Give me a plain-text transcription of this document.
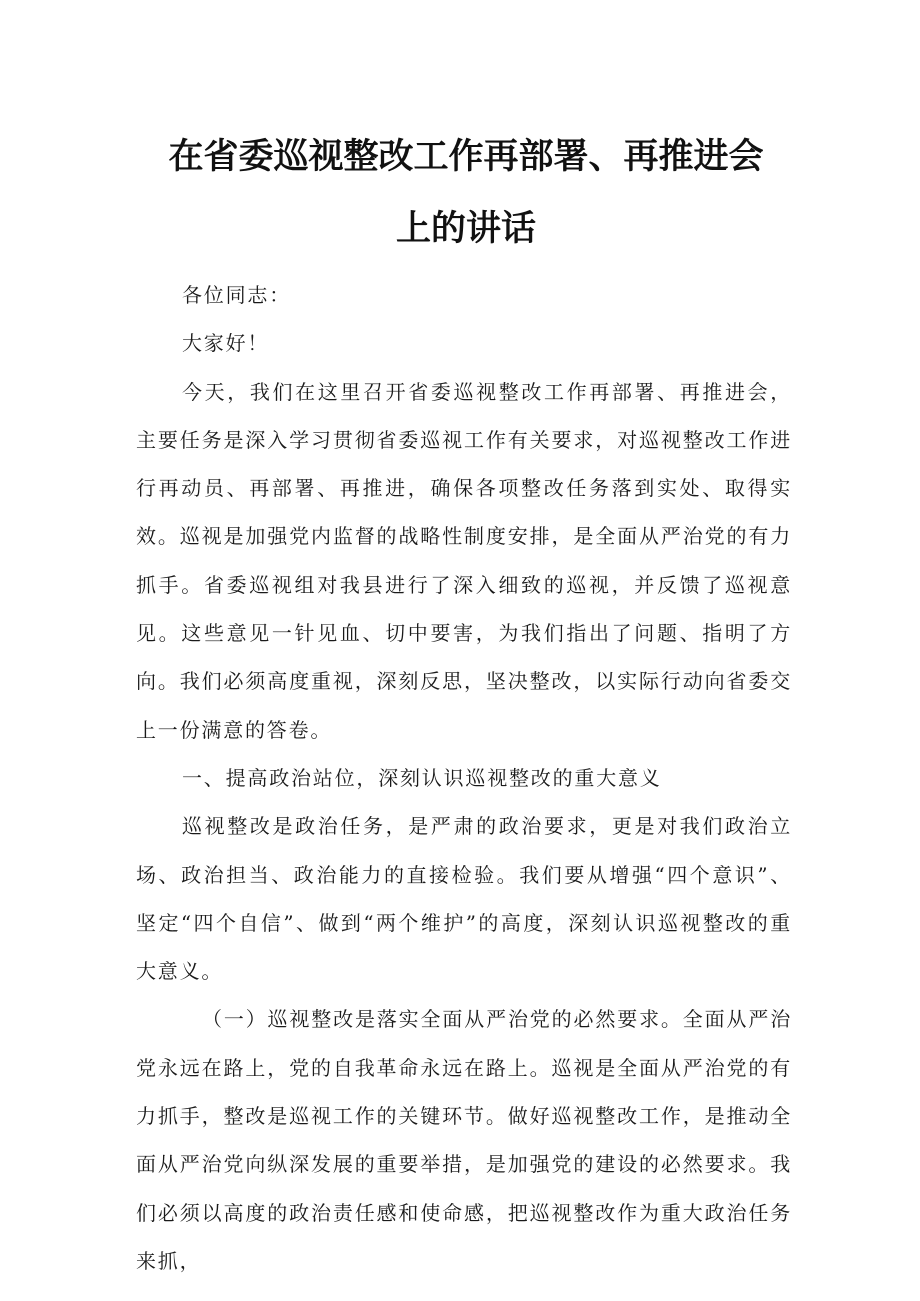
在省委巡视整改工作再部署、再推进会
上的讲话

各位同志：

大家好！

今天，我们在这里召开省委巡视整改工作再部署、再推进会，主要任务是深入学习贯彻省委巡视工作有关要求，对巡视整改工作进行再动员、再部署、再推进，确保各项整改任务落到实处、取得实效。巡视是加强党内监督的战略性制度安排，是全面从严治党的有力抓手。省委巡视组对我县进行了深入细致的巡视，并反馈了巡视意见。这些意见一针见血、切中要害，为我们指出了问题、指明了方向。我们必须高度重视，深刻反思，坚决整改，以实际行动向省委交上一份满意的答卷。

一、提高政治站位，深刻认识巡视整改的重大意义

巡视整改是政治任务，是严肃的政治要求，更是对我们政治立场、政治担当、政治能力的直接检验。我们要从增强“四个意识”、坚定“四个自信”、做到“两个维护”的高度，深刻认识巡视整改的重大意义。

（一）巡视整改是落实全面从严治党的必然要求。全面从严治党永远在路上，党的自我革命永远在路上。巡视是全面从严治党的有力抓手，整改是巡视工作的关键环节。做好巡视整改工作，是推动全面从严治党向纵深发展的重要举措，是加强党的建设的必然要求。我们必须以高度的政治责任感和使命感，把巡视整改作为重大政治任务来抓，
